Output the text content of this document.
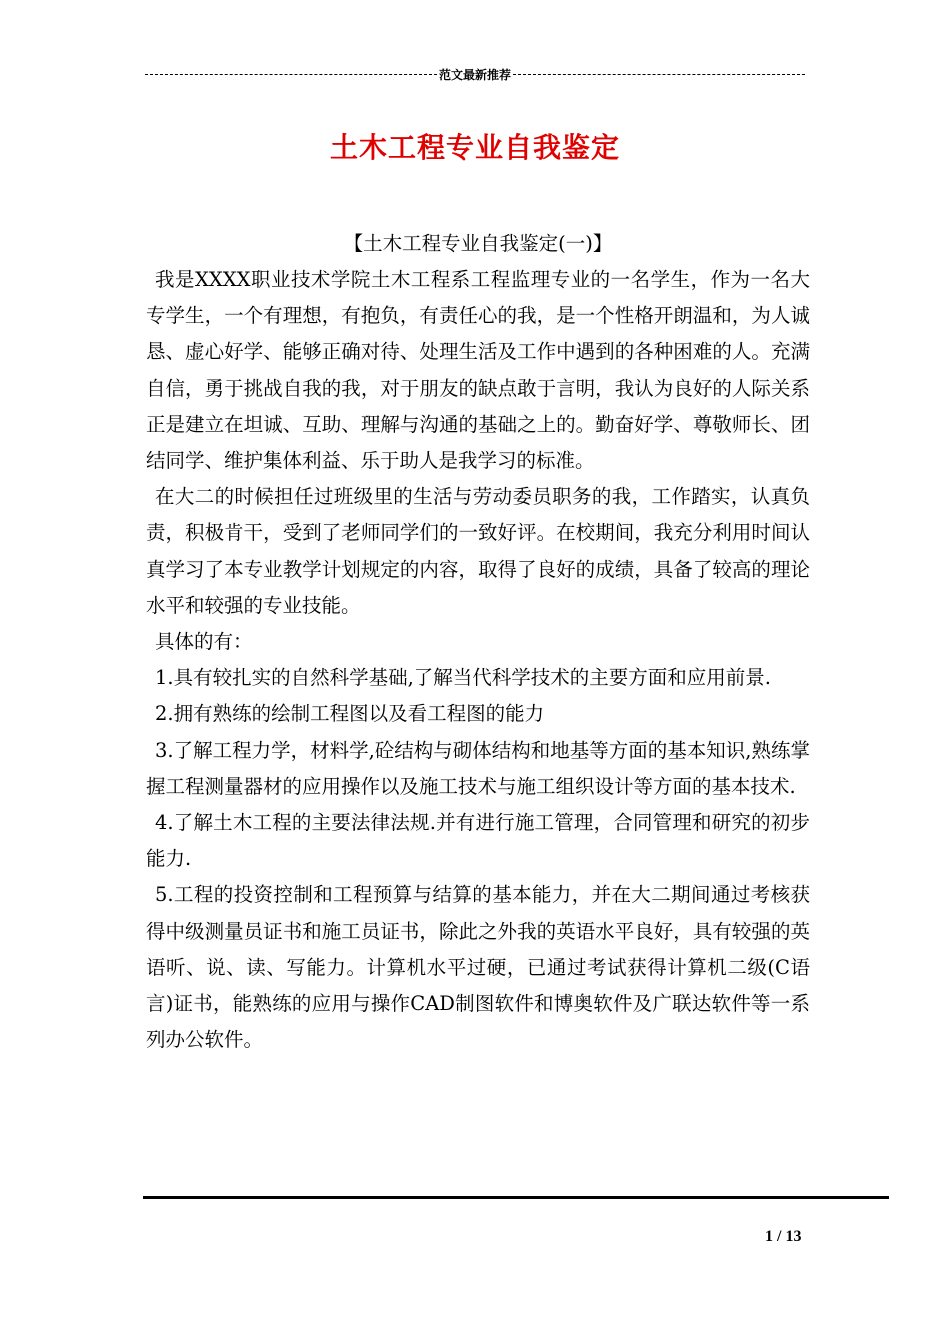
范文最新推荐
土木工程专业自我鉴定

【土木工程专业自我鉴定(一)】

我是XXXX职业技术学院土木工程系工程监理专业的一名学生，作为一名大专学生，一个有理想，有抱负，有责任心的我，是一个性格开朗温和，为人诚恳、虚心好学、能够正确对待、处理生活及工作中遇到的各种困难的人。充满自信，勇于挑战自我的我，对于朋友的缺点敢于言明，我认为良好的人际关系正是建立在坦诚、互助、理解与沟通的基础之上的。勤奋好学、尊敬师长、团结同学、维护集体利益、乐于助人是我学习的标准。

在大二的时候担任过班级里的生活与劳动委员职务的我，工作踏实，认真负责，积极肯干，受到了老师同学们的一致好评。在校期间，我充分利用时间认真学习了本专业教学计划规定的内容，取得了良好的成绩，具备了较高的理论水平和较强的专业技能。

具体的有：

1.具有较扎实的自然科学基础,了解当代科学技术的主要方面和应用前景.

2.拥有熟练的绘制工程图以及看工程图的能力

3.了解工程力学，材料学,砼结构与砌体结构和地基等方面的基本知识,熟练掌握工程测量器材的应用操作以及施工技术与施工组织设计等方面的基本技术.

4.了解土木工程的主要法律法规.并有进行施工管理，合同管理和研究的初步能力.

5.工程的投资控制和工程预算与结算的基本能力，并在大二期间通过考核获得中级测量员证书和施工员证书，除此之外我的英语水平良好，具有较强的英语听、说、读、写能力。计算机水平过硬，已通过考试获得计算机二级(C语言)证书，能熟练的应用与操作CAD制图软件和博奥软件及广联达软件等一系列办公软件。

1 / 13
